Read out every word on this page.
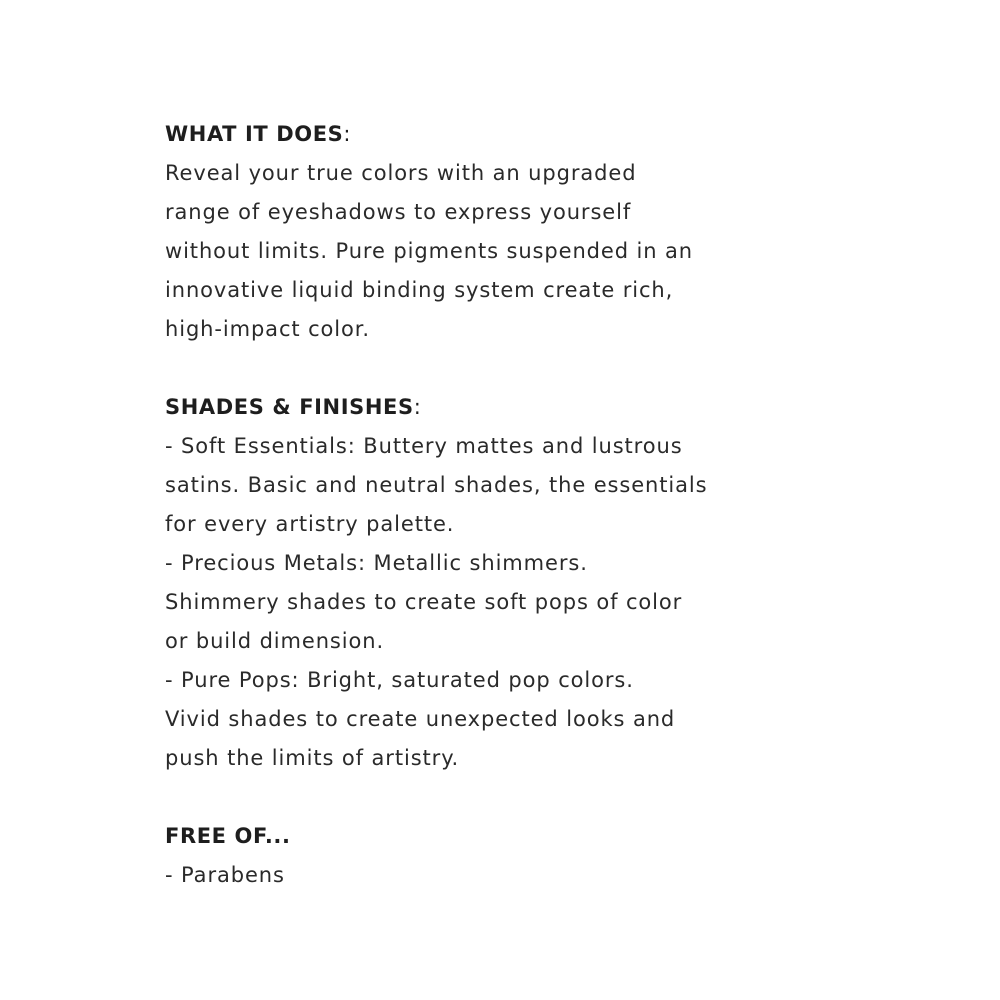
WHAT IT DOES:
Reveal your true colors with an upgraded
range of eyeshadows to express yourself
without limits. Pure pigments suspended in an
innovative liquid binding system create rich,
high-impact color.
SHADES & FINISHES:
- Soft Essentials: Buttery mattes and lustrous
satins. Basic and neutral shades, the essentials
for every artistry palette.
- Precious Metals: Metallic shimmers.
Shimmery shades to create soft pops of color
or build dimension.
- Pure Pops: Bright, saturated pop colors.
Vivid shades to create unexpected looks and
push the limits of artistry.
FREE OF...
- Parabens
